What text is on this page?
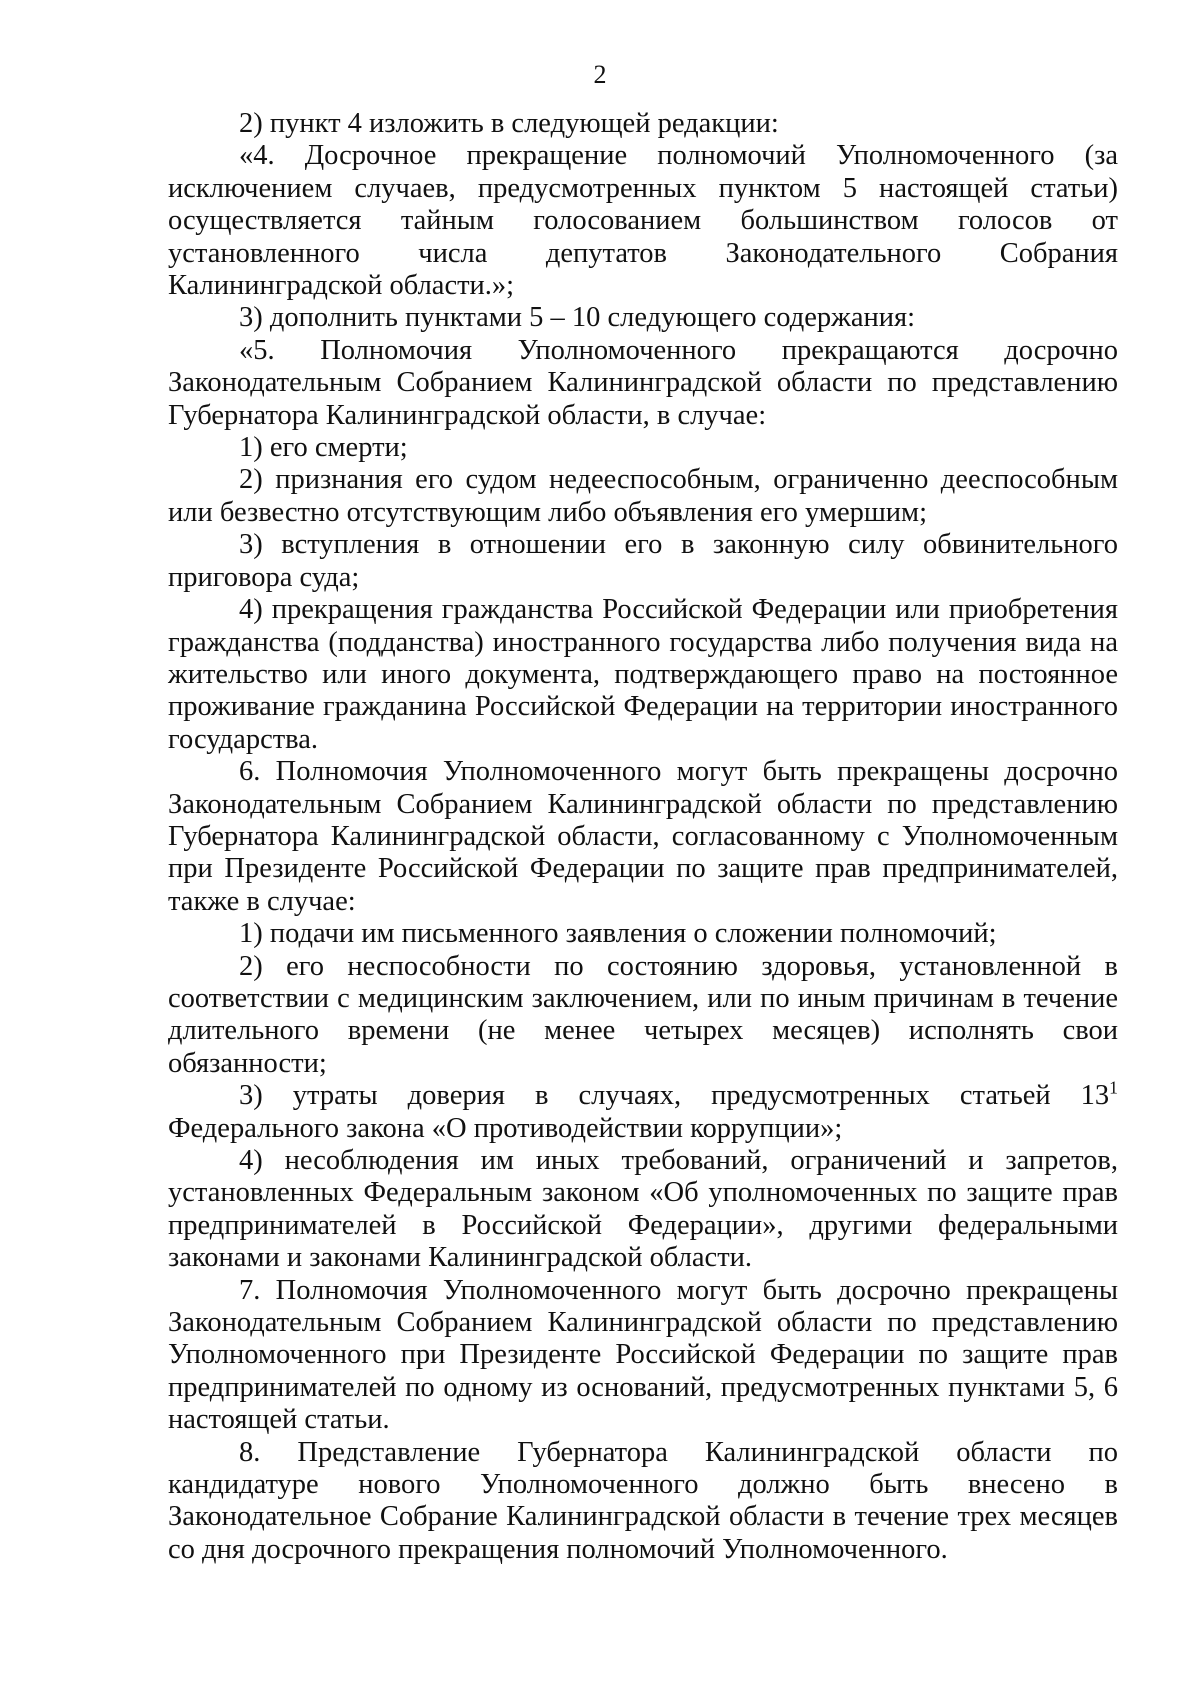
2

2) пункт 4 изложить в следующей редакции:

«4. Досрочное прекращение полномочий Уполномоченного (за исключением случаев, предусмотренных пунктом 5 настоящей статьи) осуществляется тайным голосованием большинством голосов от установленного числа депутатов Законодательного Собрания Калининградской области.»;

3) дополнить пунктами 5 – 10 следующего содержания:

«5. Полномочия Уполномоченного прекращаются досрочно Законодательным Собранием Калининградской области по представлению Губернатора Калининградской области, в случае:

1) его смерти;

2) признания его судом недееспособным, ограниченно дееспособным или безвестно отсутствующим либо объявления его умершим;

3) вступления в отношении его в законную силу обвинительного приговора суда;

4) прекращения гражданства Российской Федерации или приобретения гражданства (подданства) иностранного государства либо получения вида на жительство или иного документа, подтверждающего право на постоянное проживание гражданина Российской Федерации на территории иностранного государства.

6. Полномочия Уполномоченного могут быть прекращены досрочно Законодательным Собранием Калининградской области по представлению Губернатора Калининградской области, согласованному с Уполномоченным при Президенте Российской Федерации по защите прав предпринимателей, также в случае:

1) подачи им письменного заявления о сложении полномочий;

2) его неспособности по состоянию здоровья, установленной в соответствии с медицинским заключением, или по иным причинам в течение длительного времени (не менее четырех месяцев) исполнять свои обязанности;

3) утраты доверия в случаях, предусмотренных статьей $13^1$ Федерального закона «О противодействии коррупции»;

4) несоблюдения им иных требований, ограничений и запретов, установленных Федеральным законом «Об уполномоченных по защите прав предпринимателей в Российской Федерации», другими федеральными законами и законами Калининградской области.

7. Полномочия Уполномоченного могут быть досрочно прекращены Законодательным Собранием Калининградской области по представлению Уполномоченного при Президенте Российской Федерации по защите прав предпринимателей по одному из оснований, предусмотренных пунктами 5, 6 настоящей статьи.

8. Представление Губернатора Калининградской области по кандидатуре нового Уполномоченного должно быть внесено в Законодательное Собрание Калининградской области в течение трех месяцев со дня досрочного прекращения полномочий Уполномоченного.
